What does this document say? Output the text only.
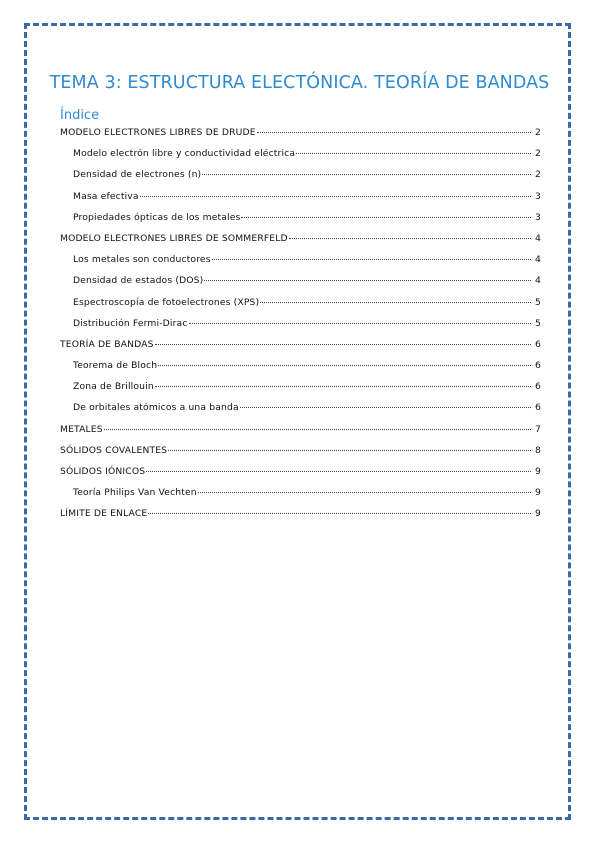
TEMA 3: ESTRUCTURA ELECTÓNICA. TEORÍA DE BANDAS
Índice
MODELO ELECTRONES LIBRES DE DRUDE	2
Modelo electrón libre y conductividad eléctrica	2
Densidad de electrones (n)	2
Masa efectiva	3
Propiedades ópticas de los metales	3
MODELO ELECTRONES LIBRES DE SOMMERFELD	4
Los metales son conductores	4
Densidad de estados (DOS)	4
Espectroscopía de fotoelectrones (XPS)	5
Distribución Fermi-Dirac	5
TEORÍA DE BANDAS	6
Teorema de Bloch	6
Zona de Brillouin	6
De orbitales atómicos a una banda	6
METALES	7
SÓLIDOS COVALENTES	8
SÓLIDOS IÓNICOS	9
Teoría Philips Van Vechten	9
LÍMITE DE ENLACE	9
